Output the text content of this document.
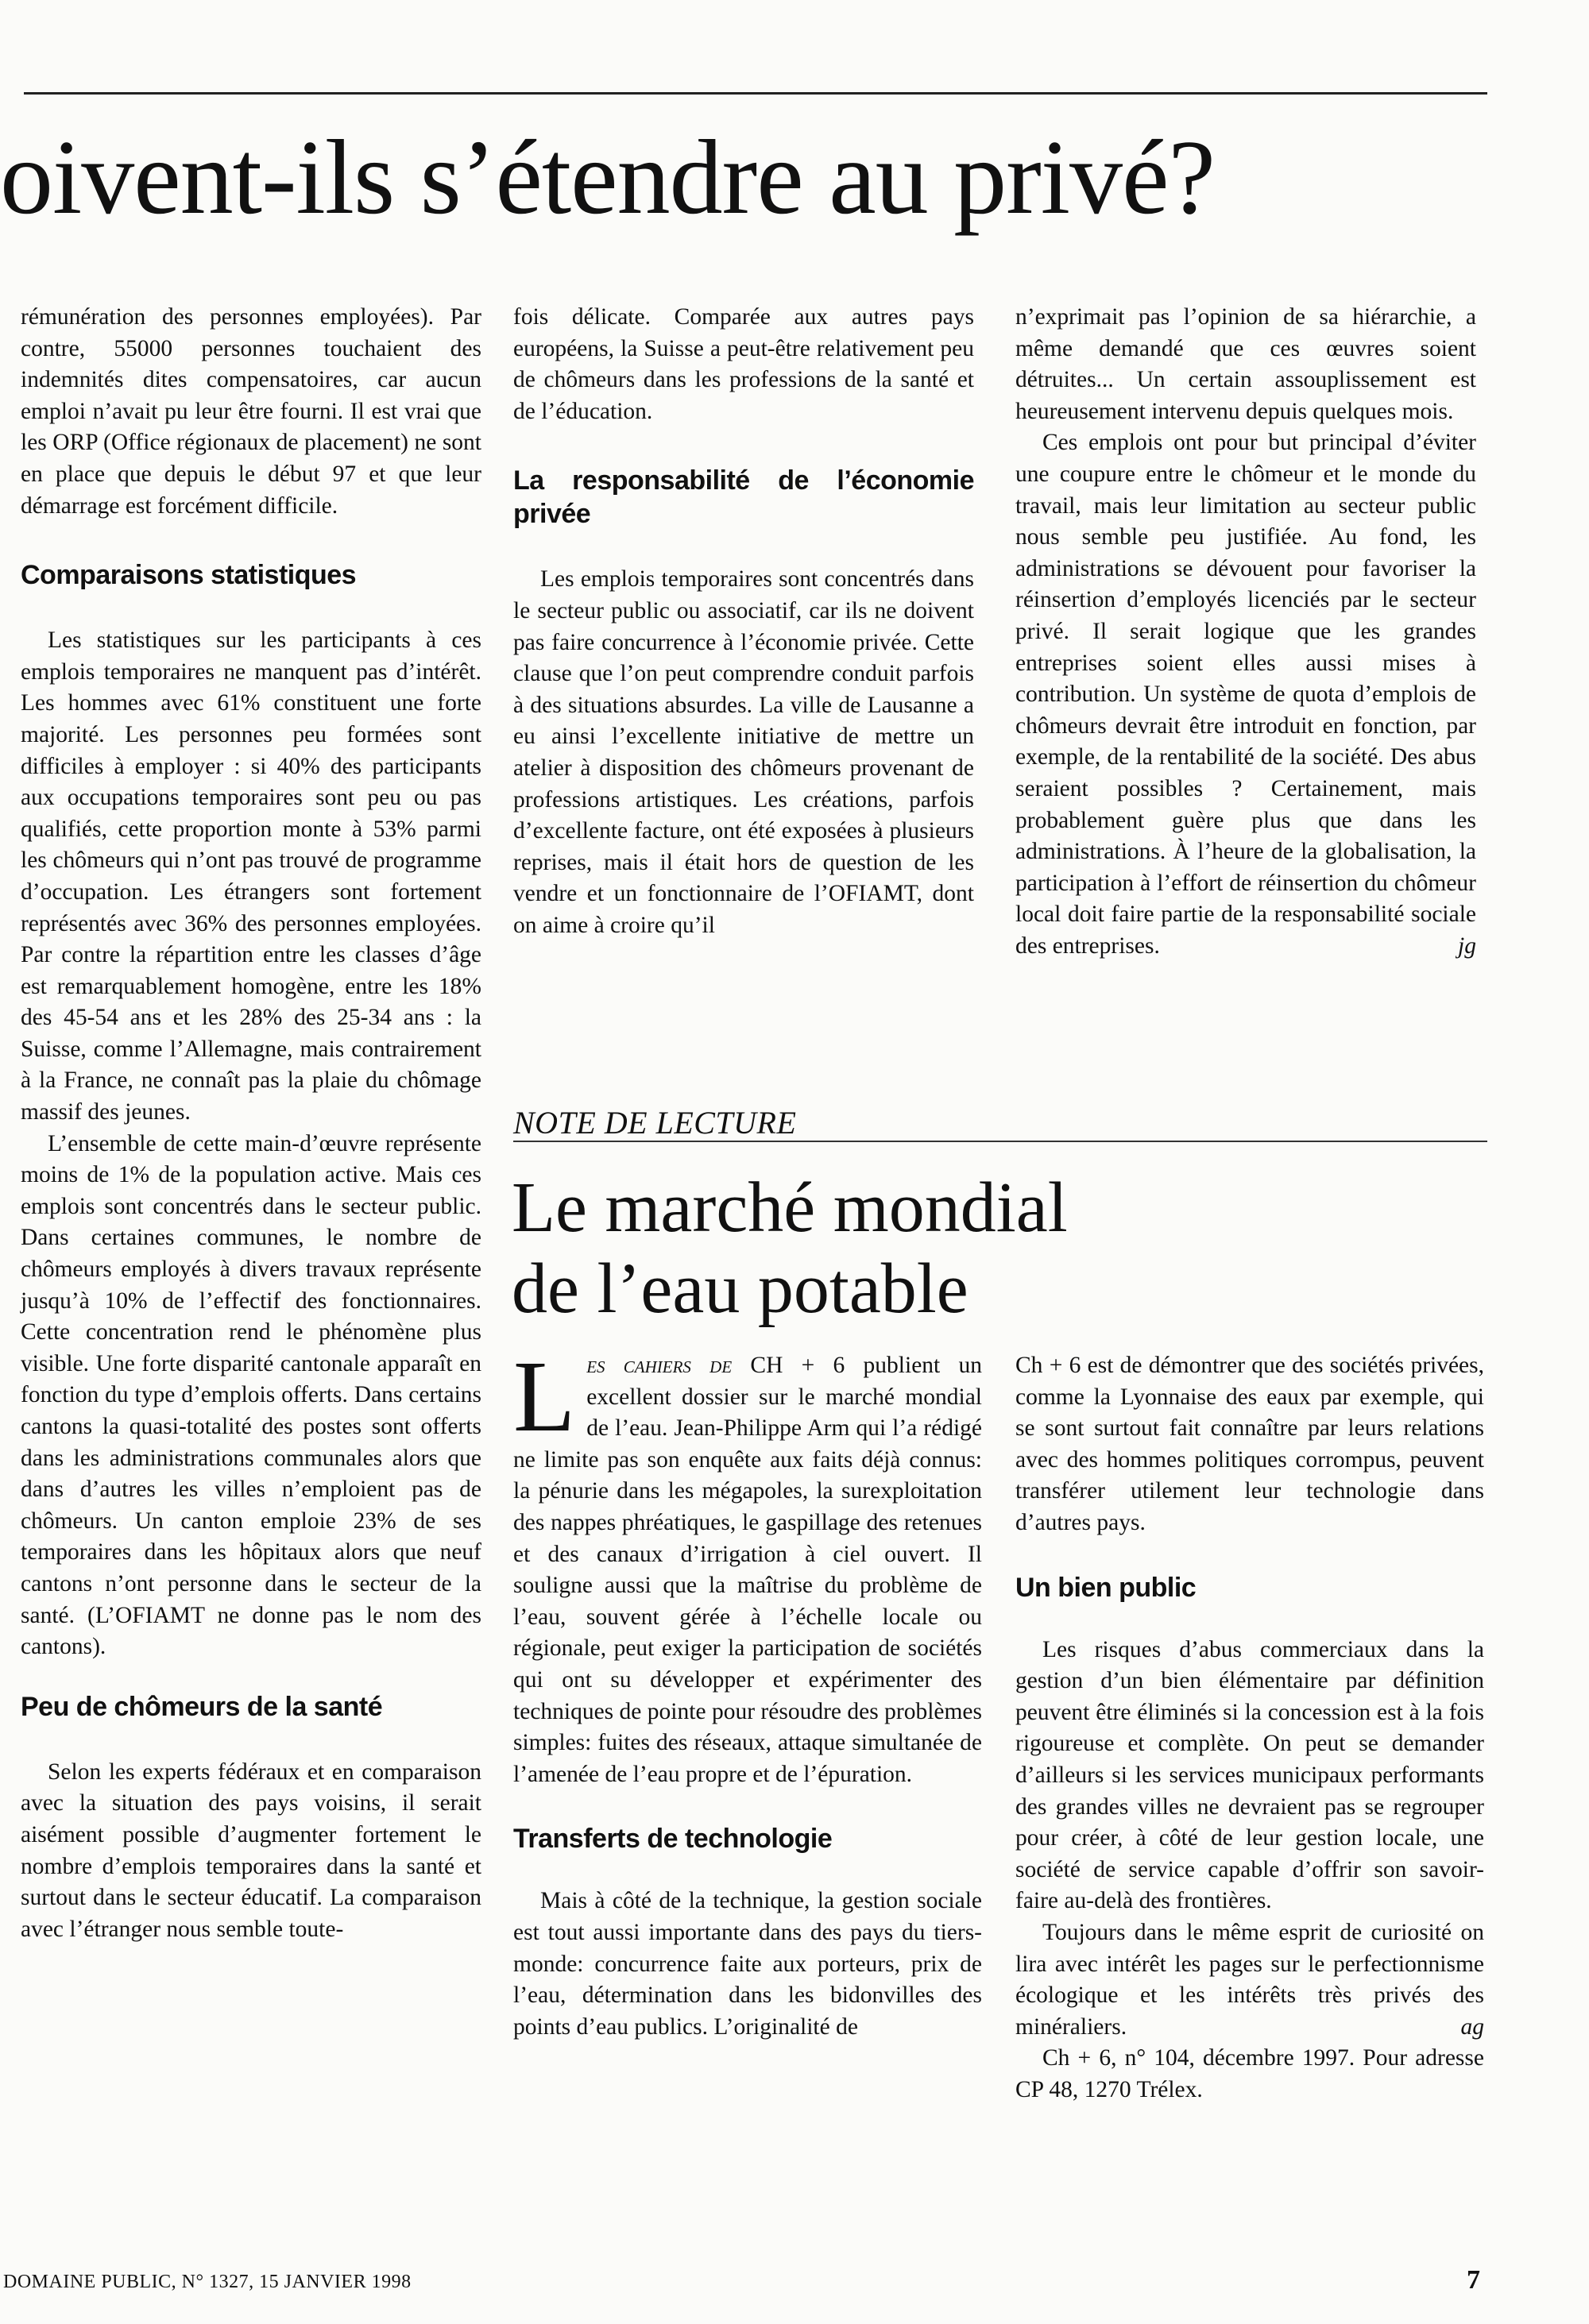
oivent-ils s’étendre au privé?

rémunération des personnes employées). Par contre, 55000 personnes touchaient des indemnités dites compensatoires, car aucun emploi n’avait pu leur être fourni. Il est vrai que les ORP (Office régionaux de placement) ne sont en place que depuis le début 97 et que leur démarrage est forcément difficile.

Comparaisons statistiques

Les statistiques sur les participants à ces emplois temporaires ne manquent pas d’intérêt. Les hommes avec 61% constituent une forte majorité. Les personnes peu formées sont difficiles à employer : si 40% des participants aux occupations temporaires sont peu ou pas qualifiés, cette proportion monte à 53% parmi les chômeurs qui n’ont pas trouvé de programme d’occupation. Les étrangers sont fortement représentés avec 36% des personnes employées. Par contre la répartition entre les classes d’âge est remarquablement homogène, entre les 18% des 45-54 ans et les 28% des 25-34 ans : la Suisse, comme l’Allemagne, mais contrairement à la France, ne connaît pas la plaie du chômage massif des jeunes.

L’ensemble de cette main-d’œuvre représente moins de 1% de la population active. Mais ces emplois sont concentrés dans le secteur public. Dans certaines communes, le nombre de chômeurs employés à divers travaux représente jusqu’à 10% de l’effectif des fonctionnaires. Cette concentration rend le phénomène plus visible. Une forte disparité cantonale apparaît en fonction du type d’emplois offerts. Dans certains cantons la quasi-totalité des postes sont offerts dans les administrations communales alors que dans d’autres les villes n’emploient pas de chômeurs. Un canton emploie 23% de ses temporaires dans les hôpitaux alors que neuf cantons n’ont personne dans le secteur de la santé. (L’OFIAMT ne donne pas le nom des cantons).

Peu de chômeurs de la santé

Selon les experts fédéraux et en comparaison avec la situation des pays voisins, il serait aisément possible d’augmenter fortement le nombre d’emplois temporaires dans la santé et surtout dans le secteur éducatif. La comparaison avec l’étranger nous semble toute-

fois délicate. Comparée aux autres pays européens, la Suisse a peut-être relativement peu de chômeurs dans les professions de la santé et de l’éducation.

La responsabilité de l’économie privée

Les emplois temporaires sont concentrés dans le secteur public ou associatif, car ils ne doivent pas faire concurrence à l’économie privée. Cette clause que l’on peut comprendre conduit parfois à des situations absurdes. La ville de Lausanne a eu ainsi l’excellente initiative de mettre un atelier à disposition des chômeurs provenant de professions artistiques. Les créations, parfois d’excellente facture, ont été exposées à plusieurs reprises, mais il était hors de question de les vendre et un fonctionnaire de l’OFIAMT, dont on aime à croire qu’il

n’exprimait pas l’opinion de sa hiérarchie, a même demandé que ces œuvres soient détruites... Un certain assouplissement est heureusement intervenu depuis quelques mois.

Ces emplois ont pour but principal d’éviter une coupure entre le chômeur et le monde du travail, mais leur limitation au secteur public nous semble peu justifiée. Au fond, les administrations se dévouent pour favoriser la réinsertion d’employés licenciés par le secteur privé. Il serait logique que les grandes entreprises soient elles aussi mises à contribution. Un système de quota d’emplois de chômeurs devrait être introduit en fonction, par exemple, de la rentabilité de la société. Des abus seraient possibles ? Certainement, mais probablement guère plus que dans les administrations. À l’heure de la globalisation, la participation à l’effort de réinsertion du chômeur local doit faire partie de la responsabilité sociale des entreprises.	jg

NOTE DE LECTURE
Le marché mondial
de l’eau potable

Les cahiers de CH + 6 publient un excellent dossier sur le marché mondial de l’eau. Jean-Philippe Arm qui l’a rédigé ne limite pas son enquête aux faits déjà connus: la pénurie dans les mégapoles, la surexploitation des nappes phréatiques, le gaspillage des retenues et des canaux d’irrigation à ciel ouvert. Il souligne aussi que la maîtrise du problème de l’eau, souvent gérée à l’échelle locale ou régionale, peut exiger la participation de sociétés qui ont su développer et expérimenter des techniques de pointe pour résoudre des problèmes simples: fuites des réseaux, attaque simultanée de l’amenée de l’eau propre et de l’épuration.

Transferts de technologie

Mais à côté de la technique, la gestion sociale est tout aussi importante dans des pays du tiers-monde: concurrence faite aux porteurs, prix de l’eau, détermination dans les bidonvilles des points d’eau publics. L’originalité de

Ch + 6 est de démontrer que des sociétés privées, comme la Lyonnaise des eaux par exemple, qui se sont surtout fait connaître par leurs relations avec des hommes politiques corrompus, peuvent transférer utilement leur technologie dans d’autres pays.

Un bien public

Les risques d’abus commerciaux dans la gestion d’un bien élémentaire par définition peuvent être éliminés si la concession est à la fois rigoureuse et complète. On peut se demander d’ailleurs si les services municipaux performants des grandes villes ne devraient pas se regrouper pour créer, à côté de leur gestion locale, une société de service capable d’offrir son savoir-faire au-delà des frontières.

Toujours dans le même esprit de curiosité on lira avec intérêt les pages sur le perfectionnisme écologique et les intérêts très privés des minéraliers.	ag

Ch + 6, n° 104, décembre 1997. Pour adresse CP 48, 1270 Trélex.

DOMAINE PUBLIC, N° 1327, 15 JANVIER 1998	7
